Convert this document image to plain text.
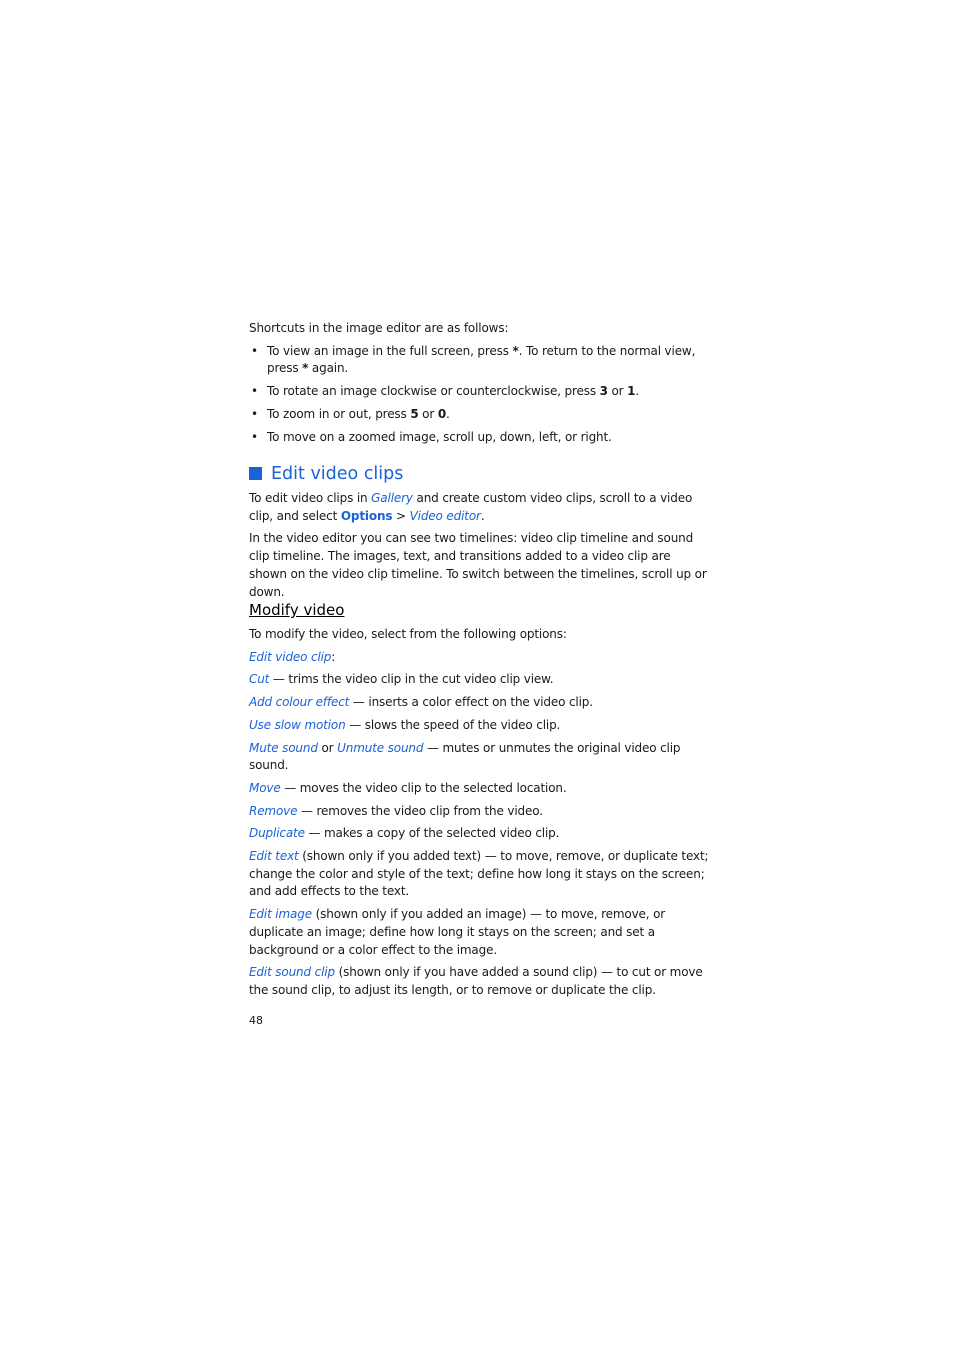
Shortcuts in the image editor are as follows:

• To view an image in the full screen, press *. To return to the normal view, press * again.
• To rotate an image clockwise or counterclockwise, press 3 or 1.
• To zoom in or out, press 5 or 0.
• To move on a zoomed image, scroll up, down, left, or right.
Edit video clips

To edit video clips in Gallery and create custom video clips, scroll to a video clip, and select Options > Video editor.

In the video editor you can see two timelines: video clip timeline and sound clip timeline. The images, text, and transitions added to a video clip are shown on the video clip timeline. To switch between the timelines, scroll up or down.

Modify video

To modify the video, select from the following options:

Edit video clip:

Cut — trims the video clip in the cut video clip view.

Add colour effect — inserts a color effect on the video clip.

Use slow motion — slows the speed of the video clip.

Mute sound or Unmute sound — mutes or unmutes the original video clip sound.

Move — moves the video clip to the selected location.

Remove — removes the video clip from the video.

Duplicate — makes a copy of the selected video clip.

Edit text (shown only if you added text) — to move, remove, or duplicate text; change the color and style of the text; define how long it stays on the screen; and add effects to the text.

Edit image (shown only if you added an image) — to move, remove, or duplicate an image; define how long it stays on the screen; and set a background or a color effect to the image.

Edit sound clip (shown only if you have added a sound clip) — to cut or move the sound clip, to adjust its length, or to remove or duplicate the clip.

48
